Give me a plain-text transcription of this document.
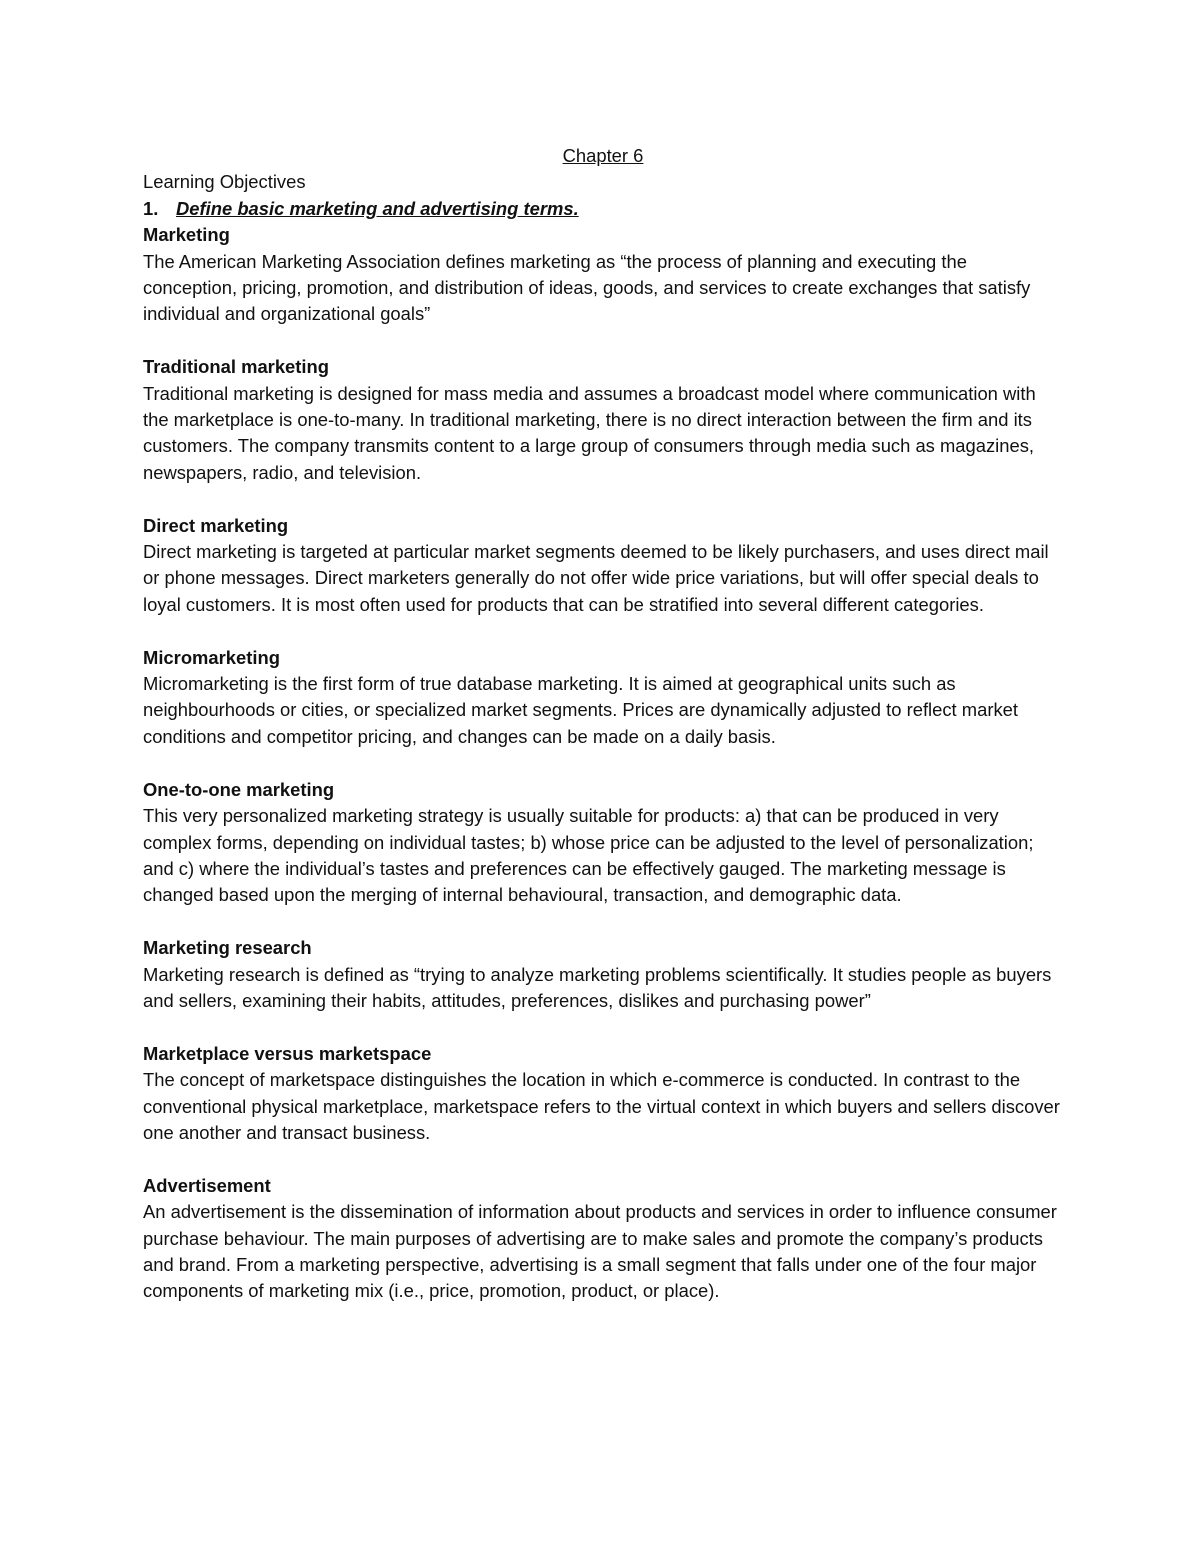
Chapter 6

Learning Objectives

1. Define basic marketing and advertising terms.

Marketing

The American Marketing Association defines marketing as “the process of planning and executing the conception, pricing, promotion, and distribution of ideas, goods, and services to create exchanges that satisfy individual and organizational goals”

Traditional marketing

Traditional marketing is designed for mass media and assumes a broadcast model where communication with the marketplace is one-to-many. In traditional marketing, there is no direct interaction between the firm and its customers. The company transmits content to a large group of consumers through media such as magazines, newspapers, radio, and television.

Direct marketing

Direct marketing is targeted at particular market segments deemed to be likely purchasers, and uses direct mail or phone messages. Direct marketers generally do not offer wide price variations, but will offer special deals to loyal customers. It is most often used for products that can be stratified into several different categories.

Micromarketing

Micromarketing is the first form of true database marketing. It is aimed at geographical units such as neighbourhoods or cities, or specialized market segments. Prices are dynamically adjusted to reflect market conditions and competitor pricing, and changes can be made on a daily basis.

One-to-one marketing

This very personalized marketing strategy is usually suitable for products: a) that can be produced in very complex forms, depending on individual tastes; b) whose price can be adjusted to the level of personalization; and c) where the individual’s tastes and preferences can be effectively gauged. The marketing message is changed based upon the merging of internal behavioural, transaction, and demographic data.

Marketing research

Marketing research is defined as “trying to analyze marketing problems scientifically. It studies people as buyers and sellers, examining their habits, attitudes, preferences, dislikes and purchasing power”

Marketplace versus marketspace

The concept of marketspace distinguishes the location in which e-commerce is conducted. In contrast to the conventional physical marketplace, marketspace refers to the virtual context in which buyers and sellers discover one another and transact business.

Advertisement

An advertisement is the dissemination of information about products and services in order to influence consumer purchase behaviour. The main purposes of advertising are to make sales and promote the company’s products and brand. From a marketing perspective, advertising is a small segment that falls under one of the four major components of marketing mix (i.e., price, promotion, product, or place).
